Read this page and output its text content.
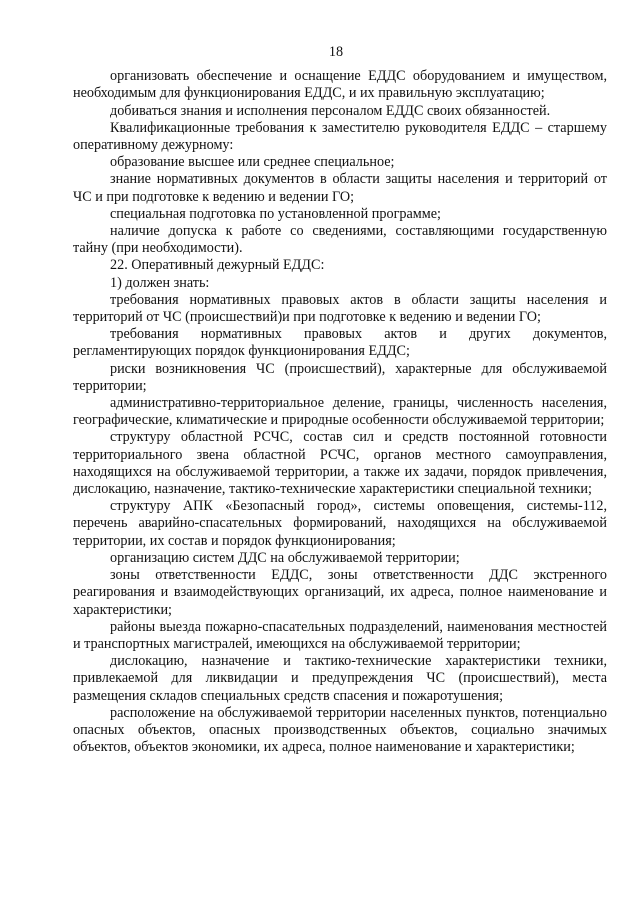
18

организовать обеспечение и оснащение ЕДДС оборудованием и имуществом, необходимым для функционирования ЕДДС, и их правильную эксплуатацию;

добиваться знания и исполнения персоналом ЕДДС своих обязанностей.

Квалификационные требования к заместителю руководителя ЕДДС – старшему оперативному дежурному:

образование высшее или среднее специальное;

знание нормативных документов в области защиты населения и территорий от ЧС и при подготовке к ведению и ведении ГО;

специальная подготовка по установленной программе;

наличие допуска к работе со сведениями, составляющими государственную тайну (при необходимости).

22. Оперативный дежурный ЕДДС:

1) должен знать:

требования нормативных правовых актов в области защиты населения и территорий от ЧС (происшествий)и при подготовке к ведению и ведении ГО;

требования нормативных правовых актов и других документов, регламентирующих порядок функционирования ЕДДС;

риски возникновения ЧС (происшествий), характерные для обслуживаемой территории;

административно-территориальное деление, границы, численность населения, географические, климатические и природные особенности обслуживаемой территории;

структуру областной РСЧС, состав сил и средств постоянной готовности территориального звена областной РСЧС, органов местного самоуправления, находящихся на обслуживаемой территории, а также их задачи, порядок привлечения, дислокацию, назначение, тактико-технические характеристики специальной техники;

структуру АПК «Безопасный город», системы оповещения, системы-112, перечень аварийно-спасательных формирований, находящихся на обслуживаемой территории, их состав и порядок функционирования;

организацию систем ДДС на обслуживаемой территории;

зоны ответственности ЕДДС, зоны ответственности ДДС экстренного реагирования и взаимодействующих организаций, их адреса, полное наименование и характеристики;

районы выезда пожарно-спасательных подразделений, наименования местностей и транспортных магистралей, имеющихся на обслуживаемой территории;

дислокацию, назначение и тактико-технические характеристики техники, привлекаемой для ликвидации и предупреждения ЧС (происшествий), места размещения складов специальных средств спасения и пожаротушения;

расположение на обслуживаемой территории населенных пунктов, потенциально опасных объектов, опасных производственных объектов, социально значимых объектов, объектов экономики, их адреса, полное наименование и характеристики;
